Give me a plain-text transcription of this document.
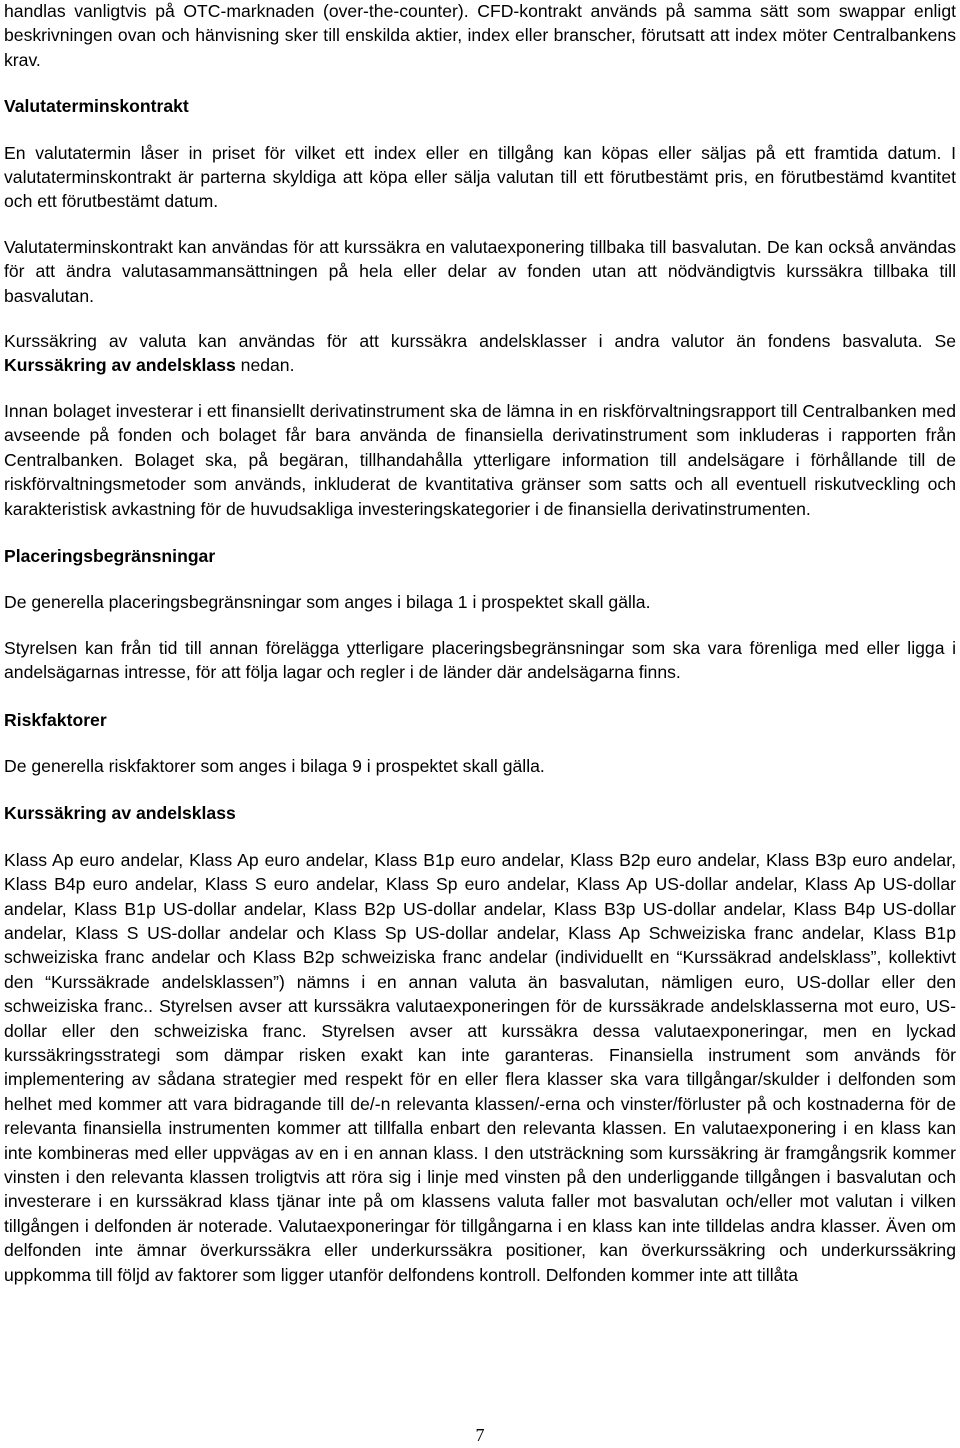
handlas vanligtvis på OTC-marknaden (over-the-counter). CFD-kontrakt används på samma sätt som swappar enligt beskrivningen ovan och hänvisning sker till enskilda aktier, index eller branscher, förutsatt att index möter Centralbankens krav.

Valutaterminskontrakt

En valutatermin låser in priset för vilket ett index eller en tillgång kan köpas eller säljas på ett framtida datum. I valutaterminskontrakt är parterna skyldiga att köpa eller sälja valutan till ett förutbestämt pris, en förutbestämd kvantitet och ett förutbestämt datum.

Valutaterminskontrakt kan användas för att kurssäkra en valutaexponering tillbaka till basvalutan. De kan också användas för att ändra valutasammansättningen på hela eller delar av fonden utan att nödvändigtvis kurssäkra tillbaka till basvalutan.

Kurssäkring av valuta kan användas för att kurssäkra andelsklasser i andra valutor än fondens basvaluta. Se Kurssäkring av andelsklass nedan.

Innan bolaget investerar i ett finansiellt derivatinstrument ska de lämna in en riskförvaltningsrapport till Centralbanken med avseende på fonden och bolaget får bara använda de finansiella derivatinstrument som inkluderas i rapporten från Centralbanken. Bolaget ska, på begäran, tillhandahålla ytterligare information till andelsägare i förhållande till de riskförvaltningsmetoder som används, inkluderat de kvantitativa gränser som satts och all eventuell riskutveckling och karakteristisk avkastning för de huvudsakliga investeringskategorier i de finansiella derivatinstrumenten.

Placeringsbegränsningar

De generella placeringsbegränsningar som anges i bilaga 1 i prospektet skall gälla.

Styrelsen kan från tid till annan förelägga ytterligare placeringsbegränsningar som ska vara förenliga med eller ligga i andelsägarnas intresse, för att följa lagar och regler i de länder där andelsägarna finns.

Riskfaktorer

De generella riskfaktorer som anges i bilaga 9 i prospektet skall gälla.

Kurssäkring av andelsklass

Klass Ap euro andelar, Klass Ap euro andelar, Klass B1p euro andelar, Klass B2p euro andelar, Klass B3p euro andelar, Klass B4p euro andelar, Klass S euro andelar, Klass Sp euro andelar, Klass Ap US-dollar andelar, Klass Ap US-dollar andelar, Klass B1p US-dollar andelar, Klass B2p US-dollar andelar, Klass B3p US-dollar andelar, Klass B4p US-dollar andelar, Klass S US-dollar andelar och Klass Sp US-dollar andelar, Klass Ap Schweiziska franc andelar, Klass B1p schweiziska franc andelar och Klass B2p schweiziska franc andelar (individuellt en “Kurssäkrad andelsklass”, kollektivt den “Kurssäkrade andelsklassen”) nämns i en annan valuta än basvalutan, nämligen euro, US-dollar eller den schweiziska franc.. Styrelsen avser att kurssäkra valutaexponeringen för de kurssäkrade andelsklasserna mot euro, US-dollar eller den schweiziska franc. Styrelsen avser att kurssäkra dessa valutaexponeringar, men en lyckad kurssäkringsstrategi som dämpar risken exakt kan inte garanteras. Finansiella instrument som används för implementering av sådana strategier med respekt för en eller flera klasser ska vara tillgångar/skulder i delfonden som helhet med kommer att vara bidragande till de/-n relevanta klassen/-erna och vinster/förluster på och kostnaderna för de relevanta finansiella instrumenten kommer att tillfalla enbart den relevanta klassen. En valutaexponering i en klass kan inte kombineras med eller uppvägas av en i en annan klass. I den utsträckning som kurssäkring är framgångsrik kommer vinsten i den relevanta klassen troligtvis att röra sig i linje med vinsten på den underliggande tillgången i basvalutan och investerare i en kurssäkrad klass tjänar inte på om klassens valuta faller mot basvalutan och/eller mot valutan i vilken tillgången i delfonden är noterade. Valutaexponeringar för tillgångarna i en klass kan inte tilldelas andra klasser. Även om delfonden inte ämnar överkurssäkra eller underkurssäkra positioner, kan överkurssäkring och underkurssäkring uppkomma till följd av faktorer som ligger utanför delfondens kontroll. Delfonden kommer inte att tillåta

7
